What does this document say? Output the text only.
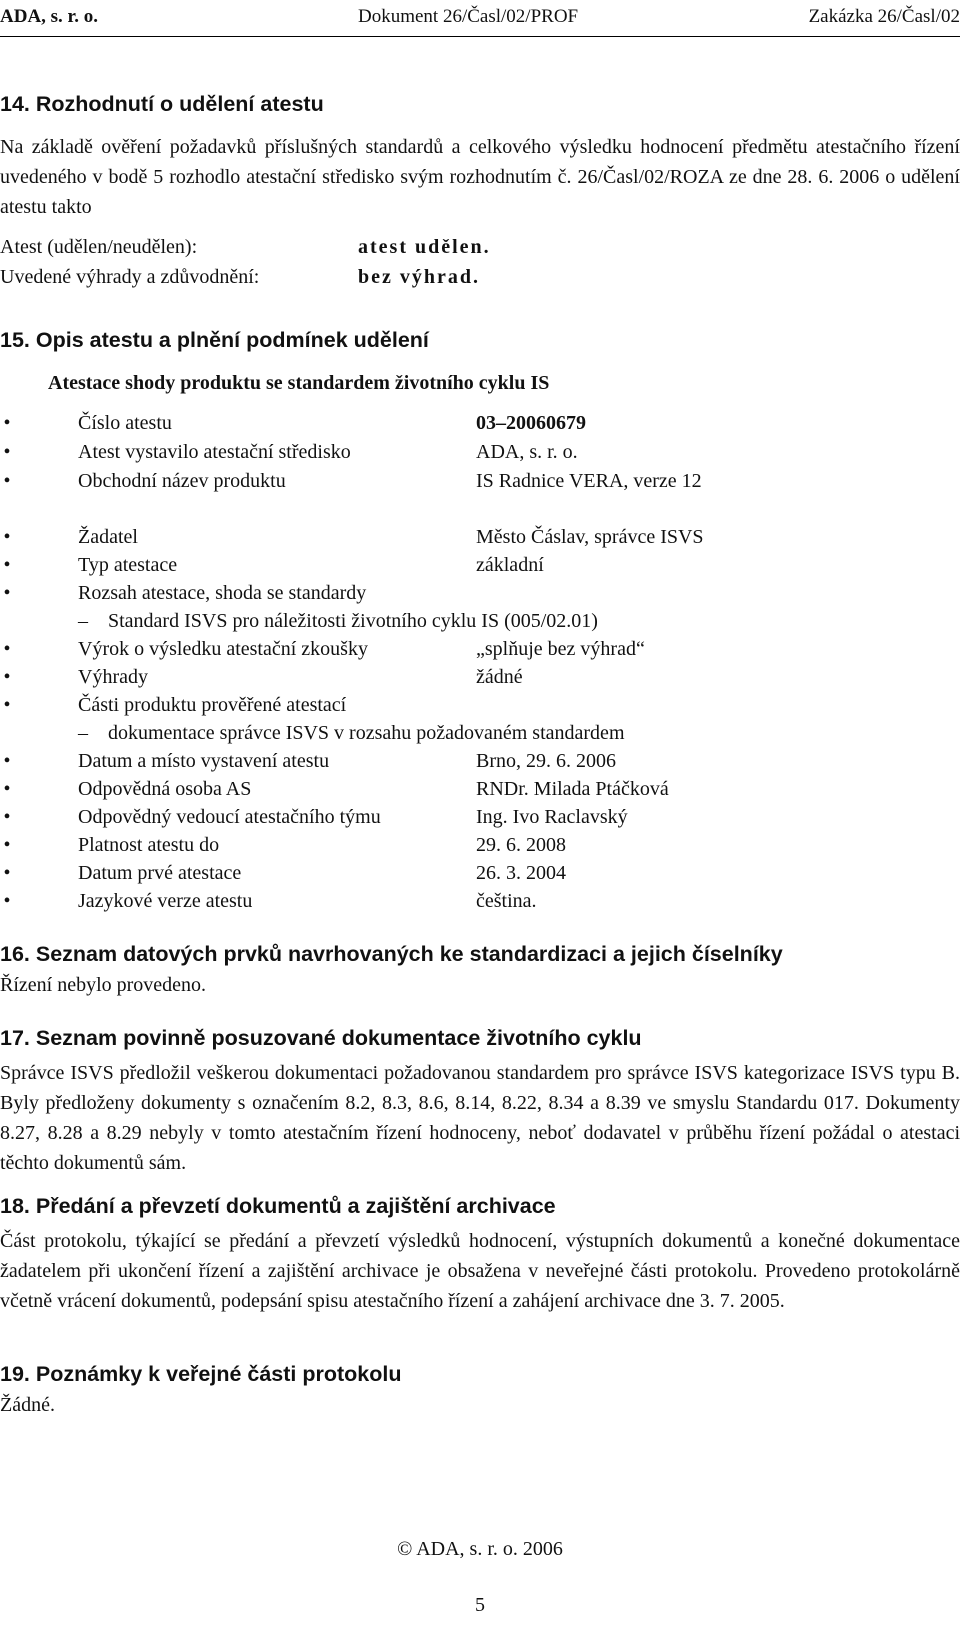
ADA, s. r. o.	Dokument 26/Časl/02/PROF	Zakázka 26/Časl/02
14. Rozhodnutí o udělení atestu
Na základě ověření požadavků příslušných standardů a celkového výsledku hodnocení předmětu atestačního řízení uvedeného v bodě 5 rozhodlo atestační středisko svým rozhodnutím č. 26/Časl/02/ROZA ze dne 28. 6. 2006 o udělení atestu takto
Atest (udělen/neudělen):	atest udělen.
Uvedené výhrady a zdůvodnění:	bez výhrad.
15. Opis atestu a plnění podmínek udělení
Atestace shody produktu se standardem životního cyklu IS
•	Číslo atestu	03–20060679
•	Atest vystavilo atestační středisko	ADA, s. r. o.
•	Obchodní název produktu	IS Radnice VERA, verze 12
•	Žadatel	Město Čáslav, správce ISVS
•	Typ atestace	základní
•	Rozsah atestace, shoda se standardy
– Standard ISVS pro náležitosti životního cyklu IS (005/02.01)
•	Výrok o výsledku atestační zkoušky	„splňuje bez výhrad“
•	Výhrady	žádné
•	Části produktu prověřené atestací
– dokumentace správce ISVS v rozsahu požadovaném standardem
•	Datum a místo vystavení atestu	Brno, 29. 6. 2006
•	Odpovědná osoba AS	RNDr. Milada Ptáčková
•	Odpovědný vedoucí atestačního týmu	Ing. Ivo Raclavský
•	Platnost atestu do	29. 6. 2008
•	Datum prvé atestace	26. 3. 2004
•	Jazykové verze atestu	čeština.
16. Seznam datových prvků navrhovaných ke standardizaci a jejich číselníky
Řízení nebylo provedeno.
17. Seznam povinně posuzované dokumentace životního cyklu
Správce ISVS předložil veškerou dokumentaci požadovanou standardem pro správce ISVS kategorizace ISVS typu B. Byly předloženy dokumenty s označením 8.2, 8.3, 8.6, 8.14, 8.22, 8.34 a 8.39 ve smyslu Standardu 017. Dokumenty 8.27, 8.28 a 8.29 nebyly v tomto atestačním řízení hodnoceny, neboť dodavatel v průběhu řízení požádal o atestaci těchto dokumentů sám.
18. Předání a převzetí dokumentů a zajištění archivace
Část protokolu, týkající se předání a převzetí výsledků hodnocení, výstupních dokumentů a konečné dokumentace žadatelem při ukončení řízení a zajištění archivace je obsažena v neveřejné části protokolu. Provedeno protokolárně včetně vrácení dokumentů, podepsání spisu atestačního řízení a zahájení archivace dne 3. 7. 2005.
19. Poznámky k veřejné části protokolu
Žádné.
© ADA, s. r. o. 2006
5
